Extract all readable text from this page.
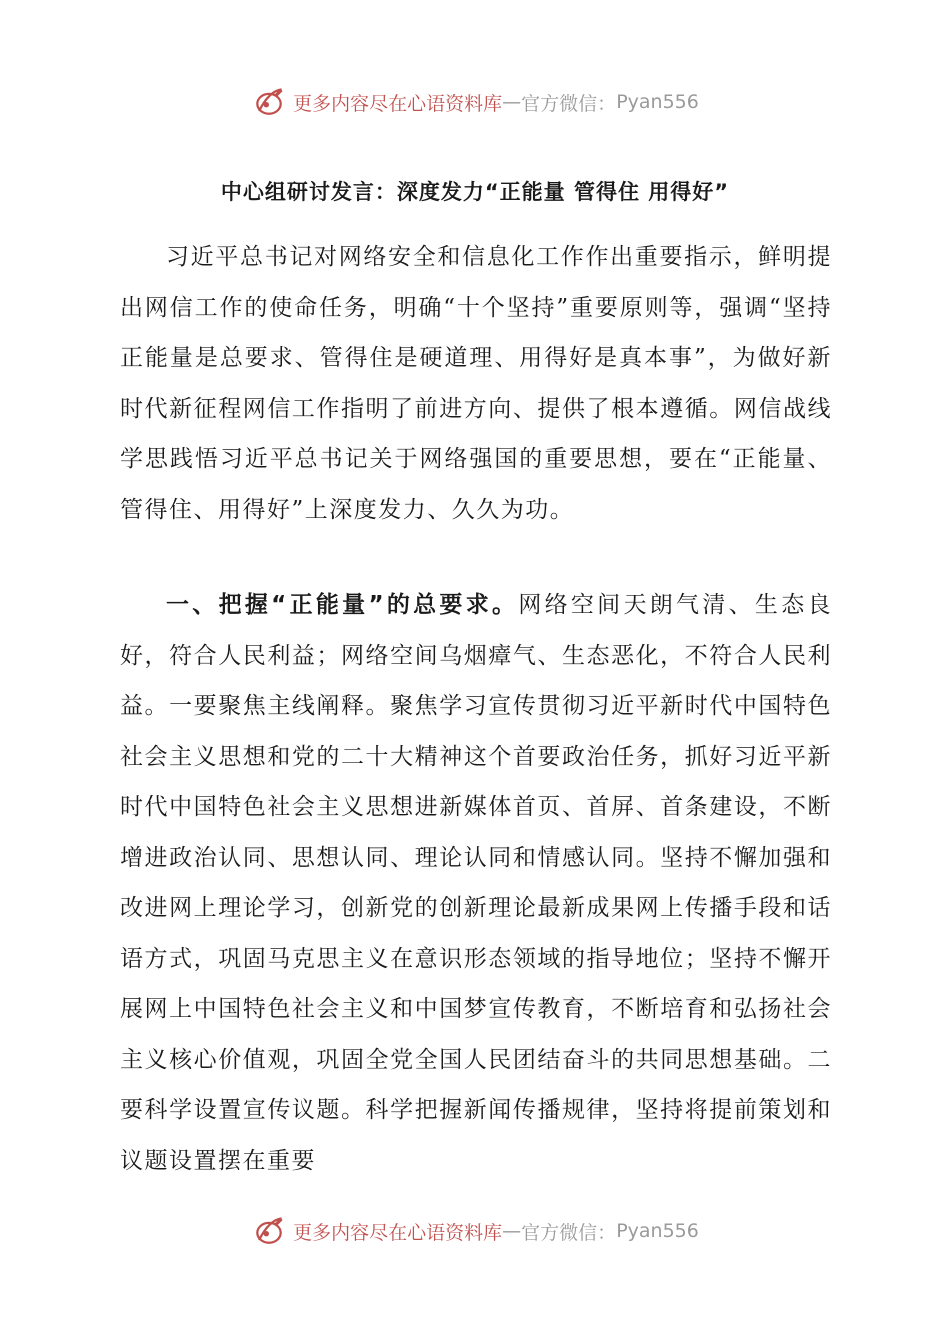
更多内容尽在心语资料库 — 官方微信： Pyan556
中心组研讨发言：深度发力“正能量 管得住 用得好”

习近平总书记对网络安全和信息化工作作出重要指示，鲜明提出网信工作的使命任务，明确“十个坚持”重要原则等，强调“坚持正能量是总要求、管得住是硬道理、用得好是真本事”，为做好新时代新征程网信工作指明了前进方向、提供了根本遵循。网信战线学思践悟习近平总书记关于网络强国的重要思想，要在“正能量、管得住、用得好”上深度发力、久久为功。

一、把握“正能量”的总要求。网络空间天朗气清、生态良好，符合人民利益；网络空间乌烟瘴气、生态恶化，不符合人民利益。一要聚焦主线阐释。聚焦学习宣传贯彻习近平新时代中国特色社会主义思想和党的二十大精神这个首要政治任务，抓好习近平新时代中国特色社会主义思想进新媒体首页、首屏、首条建设，不断增进政治认同、思想认同、理论认同和情感认同。坚持不懈加强和改进网上理论学习，创新党的创新理论最新成果网上传播手段和话语方式，巩固马克思主义在意识形态领域的指导地位；坚持不懈开展网上中国特色社会主义和中国梦宣传教育，不断培育和弘扬社会主义核心价值观，巩固全党全国人民团结奋斗的共同思想基础。二要科学设置宣传议题。科学把握新闻传播规律，坚持将提前策划和议题设置摆在重要

更多内容尽在心语资料库 — 官方微信： Pyan556
